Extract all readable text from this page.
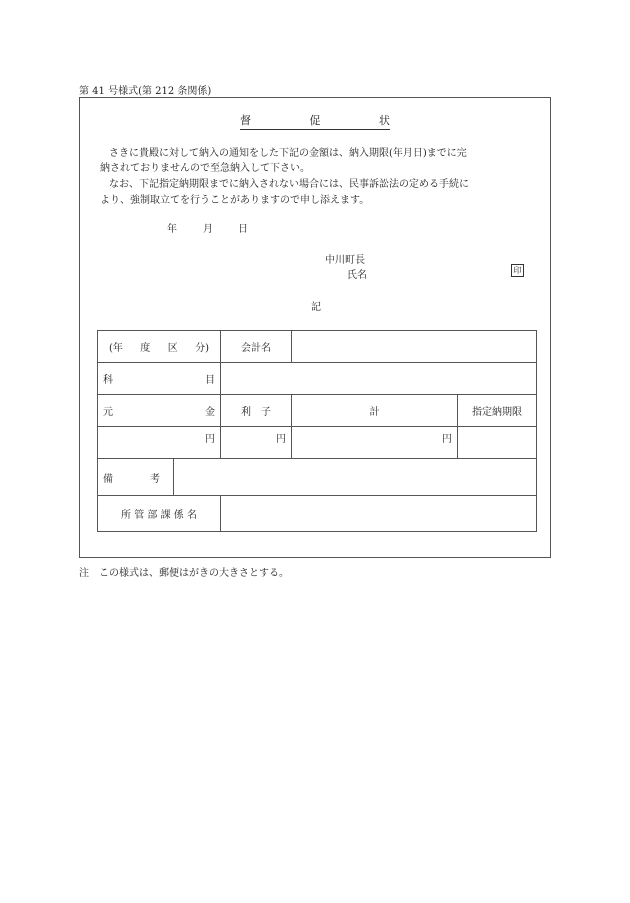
第 41 号様式(第 212 条関係)
督	促	状
さきに貴殿に対して納入の通知をした下記の金額は、納入期限(年月日)までに完
納されておりませんので至急納入して下さい。
なお、下記指定納期限までに納入されない場合には、民事訴訟法の定める手続に
より、強制取立てを行うことがありますので申し添えます。
年	月	日
中川町長
氏名	印
記
(年 度 区 分)		会計名		

科 目				

元 金		利　子	計	指定納期限
円		円	円	

備 考				

所 管 部 課 係 名				
注　この様式は、郵便はがきの大きさとする。
